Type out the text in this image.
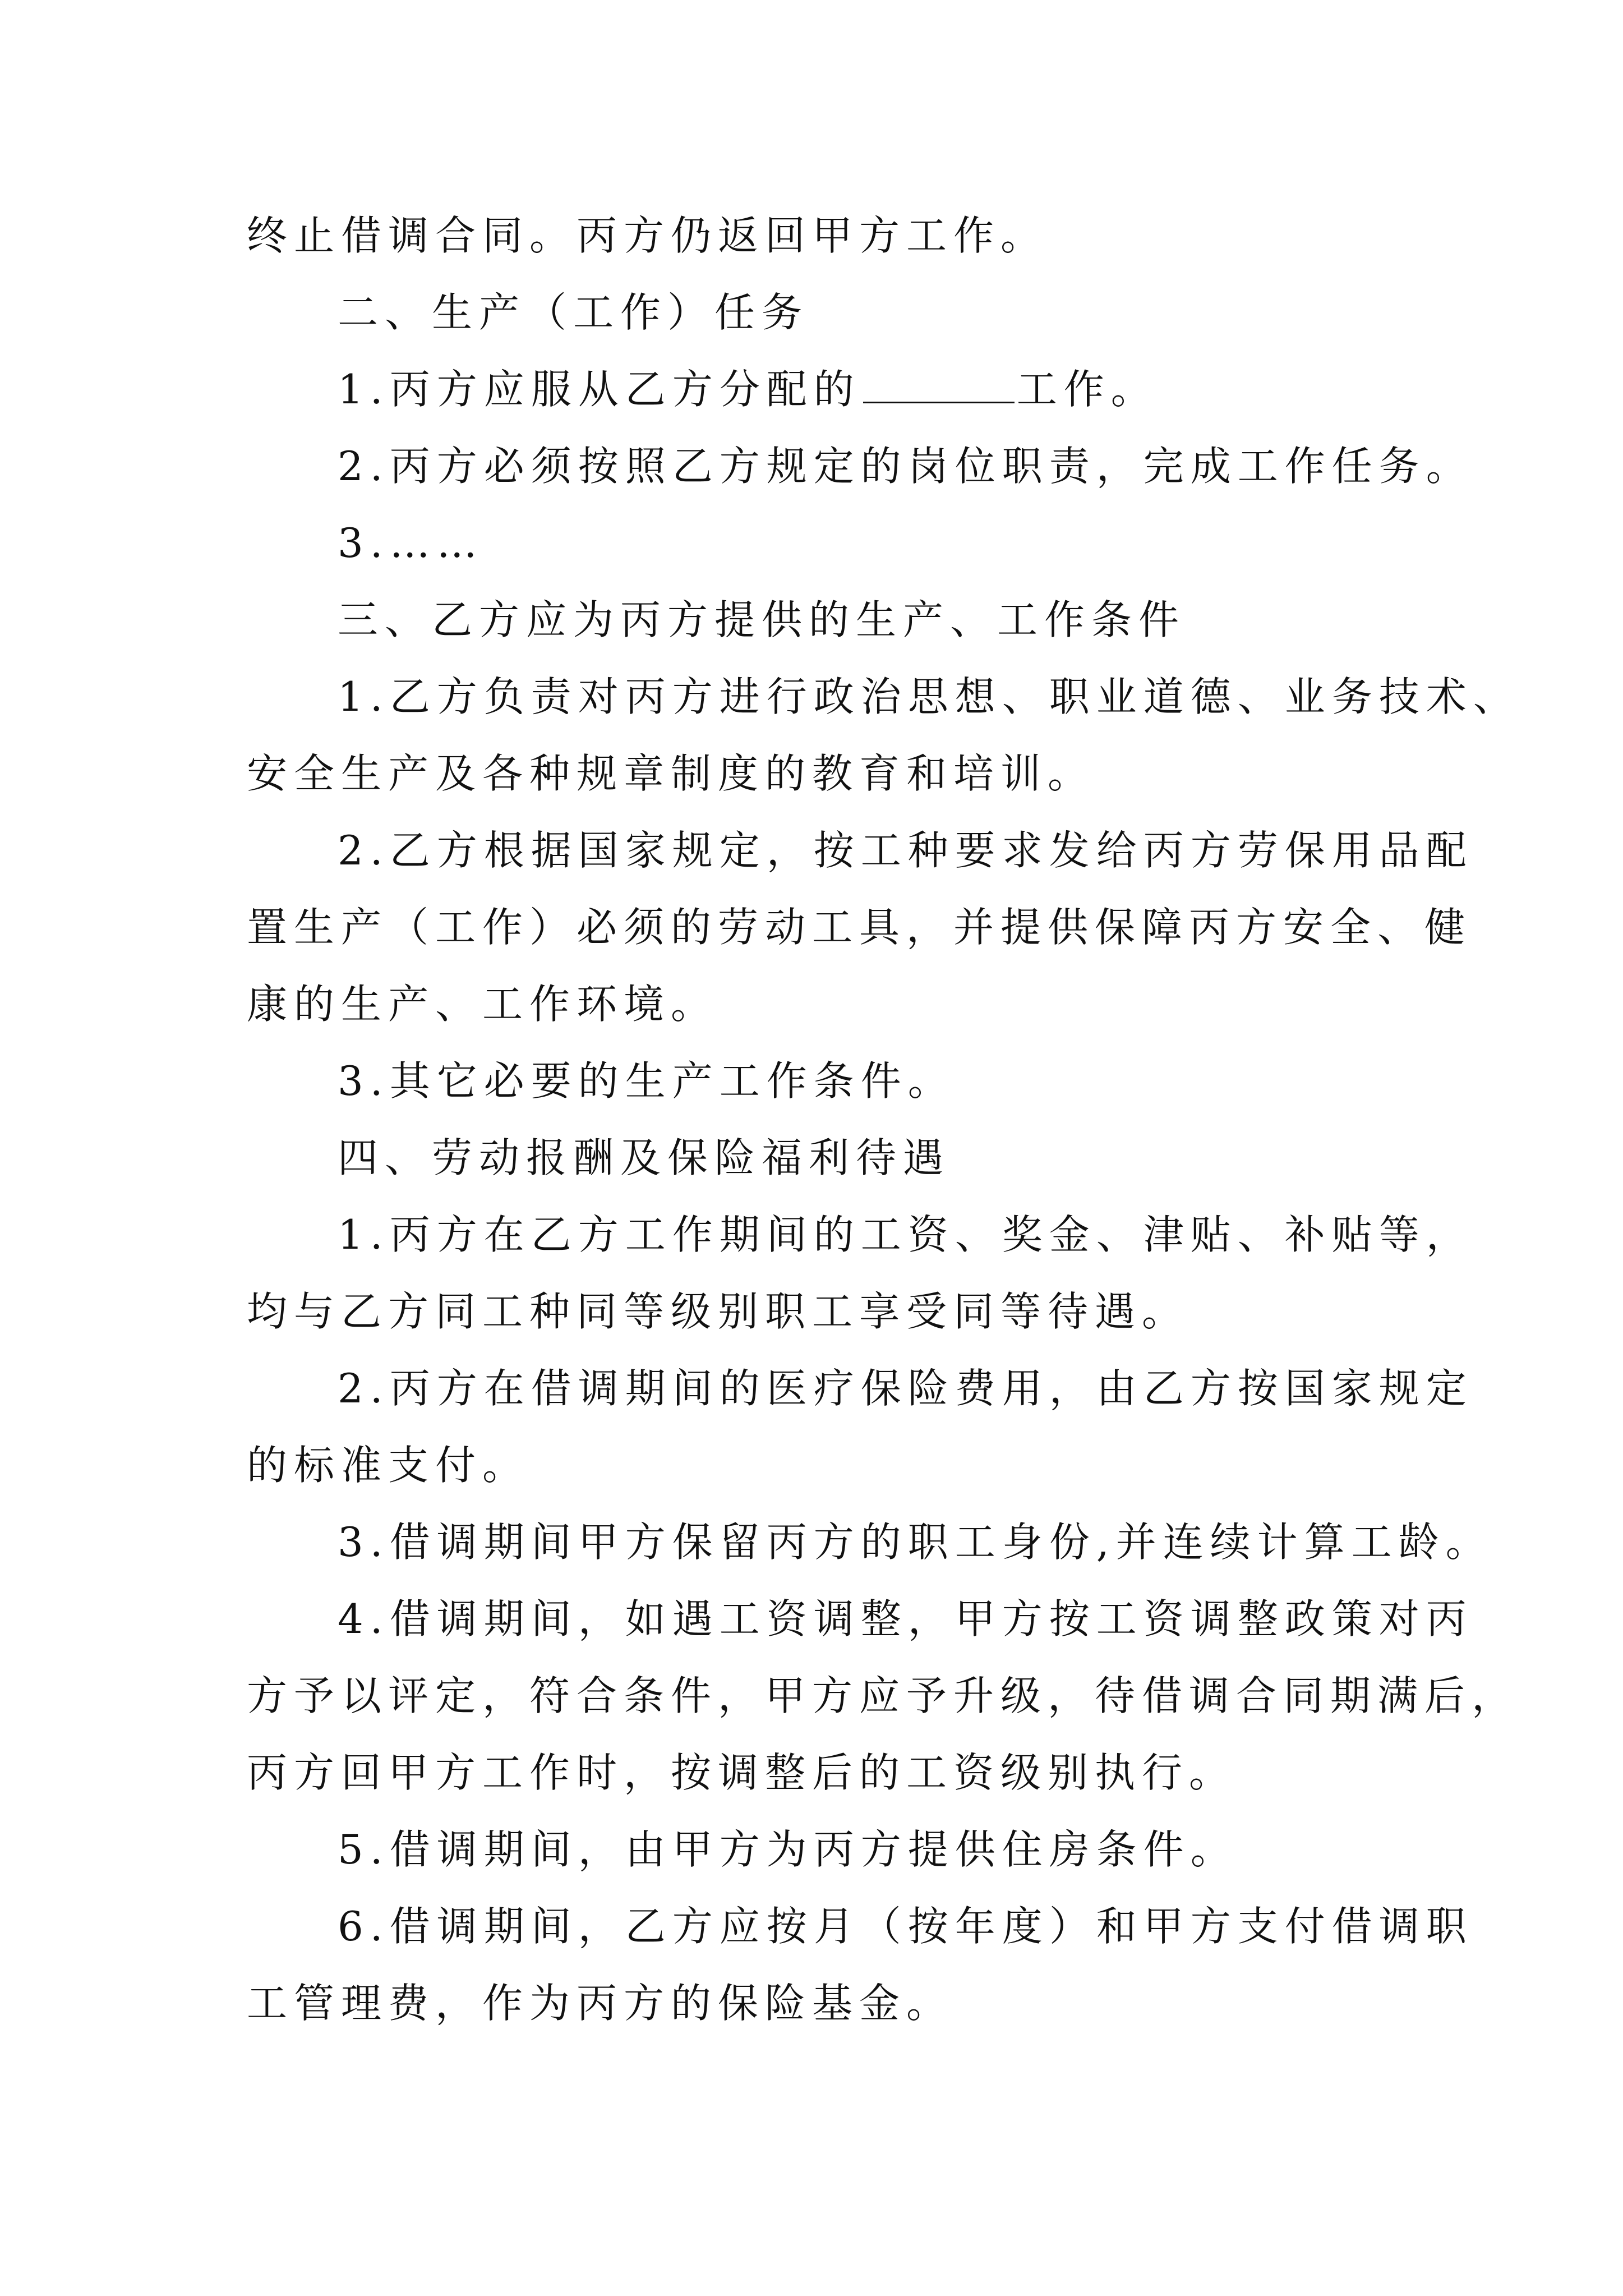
终止借调合同。丙方仍返回甲方工作。
二、生产（工作）任务
1.丙方应服从乙方分配的	工作。
2.丙方必须按照乙方规定的岗位职责，完成工作任务。
3.……
三、乙方应为丙方提供的生产、工作条件
1.乙方负责对丙方进行政治思想、职业道德、业务技术、
安全生产及各种规章制度的教育和培训。
2.乙方根据国家规定，按工种要求发给丙方劳保用品配
置生产（工作）必须的劳动工具，并提供保障丙方安全、健
康的生产、工作环境。
3.其它必要的生产工作条件。
四、劳动报酬及保险福利待遇
1.丙方在乙方工作期间的工资、奖金、津贴、补贴等，
均与乙方同工种同等级别职工享受同等待遇。
2.丙方在借调期间的医疗保险费用，由乙方按国家规定
的标准支付。
3.借调期间甲方保留丙方的职工身份,并连续计算工龄。
4.借调期间，如遇工资调整，甲方按工资调整政策对丙
方予以评定，符合条件，甲方应予升级，待借调合同期满后，
丙方回甲方工作时，按调整后的工资级别执行。
5.借调期间，由甲方为丙方提供住房条件。
6.借调期间，乙方应按月（按年度）和甲方支付借调职
工管理费，作为丙方的保险基金。
